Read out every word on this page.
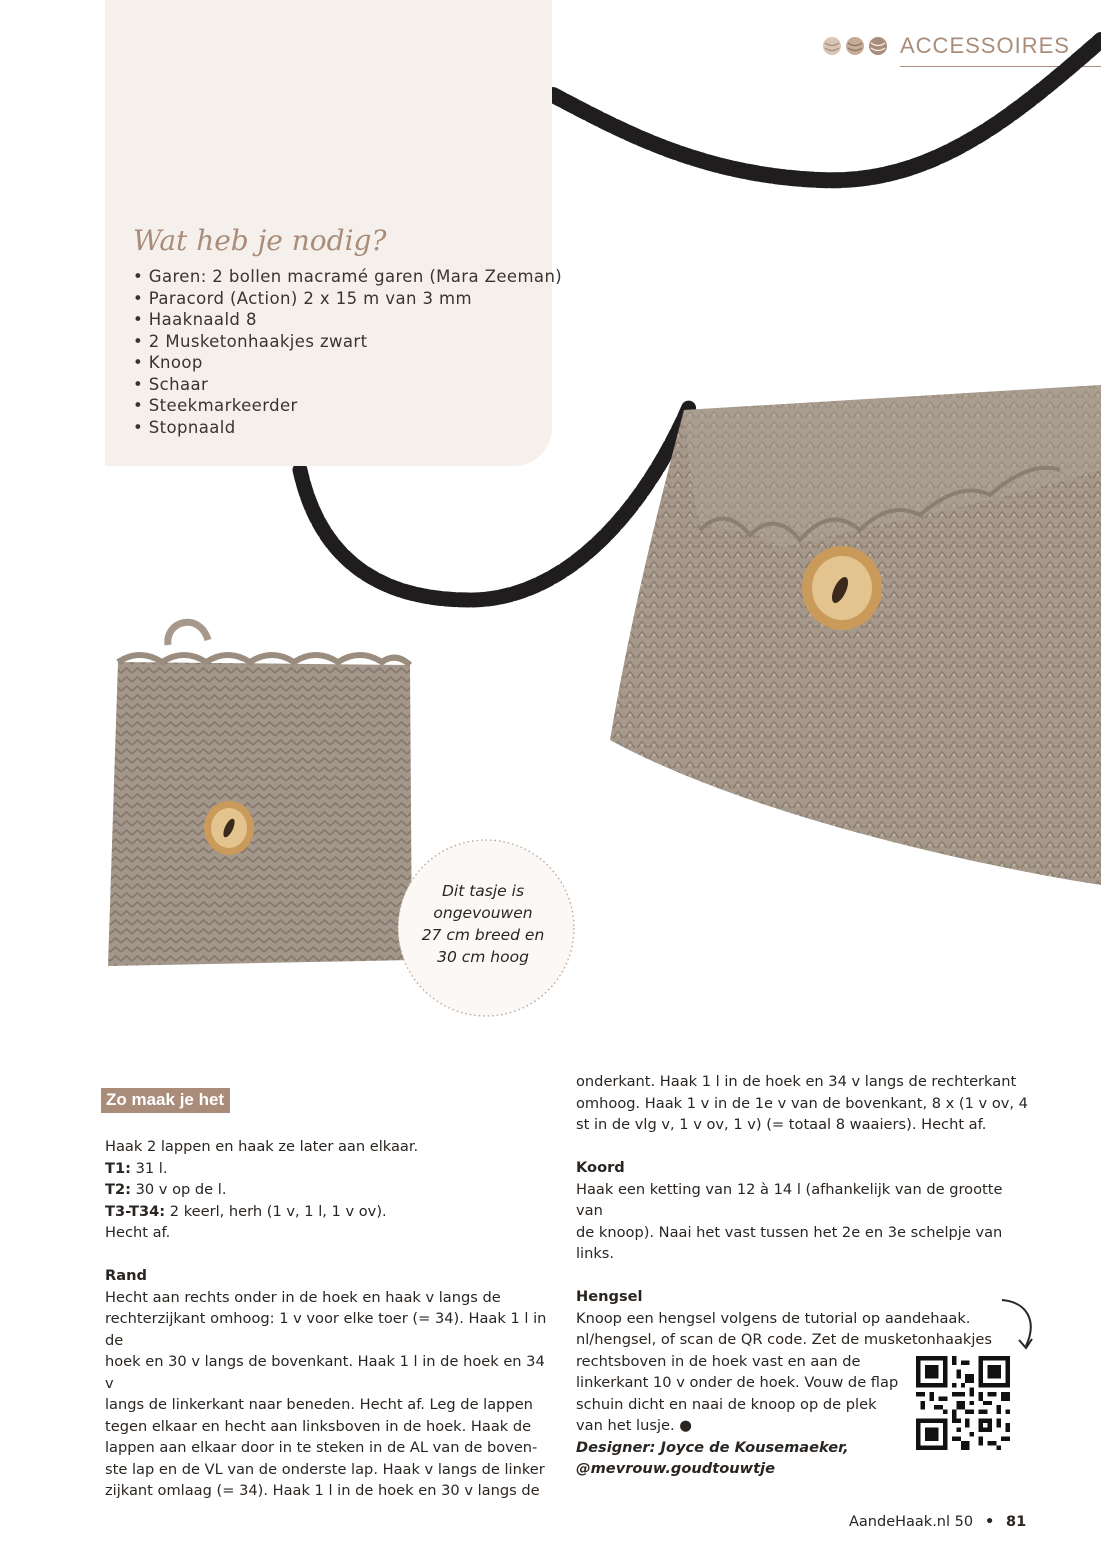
ACCESSOIRES
Wat heb je nodig?
• Garen: 2 bollen macramé garen (Mara Zeeman)
• Paracord (Action) 2 x 15 m van 3 mm
• Haaknaald 8
• 2 Musketonhaakjes zwart
• Knoop
• Schaar
• Steekmarkeerder
• Stopnaald
Dit tasje is
ongevouwen
27 cm breed en
30 cm hoog
Zo maak je het

Haak 2 lappen en haak ze later aan elkaar.

T1: 31 l.

T2: 30 v op de l.

T3-T34: 2 keerl, herh (1 v, 1 l, 1 v ov).

Hecht af.

Rand

Hecht aan rechts onder in de hoek en haak v langs de

rechterzijkant omhoog: 1 v voor elke toer (= 34). Haak 1 l in de

hoek en 30 v langs de bovenkant. Haak 1 l in de hoek en 34 v

langs de linkerkant naar beneden. Hecht af. Leg de lappen

tegen elkaar en hecht aan linksboven in de hoek. Haak de

lappen aan elkaar door in te steken in de AL van de boven-

ste lap en de VL van de onderste lap. Haak v langs de linker

zijkant omlaag (= 34). Haak 1 l in de hoek en 30 v langs de

onderkant. Haak 1 l in de hoek en 34 v langs de rechterkant

omhoog. Haak 1 v in de 1e v van de bovenkant, 8 x (1 v ov, 4

st in de vlg v, 1 v ov, 1 v) (= totaal 8 waaiers). Hecht af.

Koord

Haak een ketting van 12 à 14 l (afhankelijk van de grootte van

de knoop). Naai het vast tussen het 2e en 3e schelpje van

links.

Hengsel

Knoop een hengsel volgens de tutorial op aandehaak.

nl/hengsel, of scan de QR code. Zet de musketonhaakjes

rechtsboven in de hoek vast en aan de

linkerkant 10 v onder de hoek. Vouw de flap

schuin dicht en naai de knoop op de plek

van het lusje. ●

Designer: Joyce de Kousemaeker,

@mevrouw.goudtouwtje

AandeHaak.nl 50 • 81
